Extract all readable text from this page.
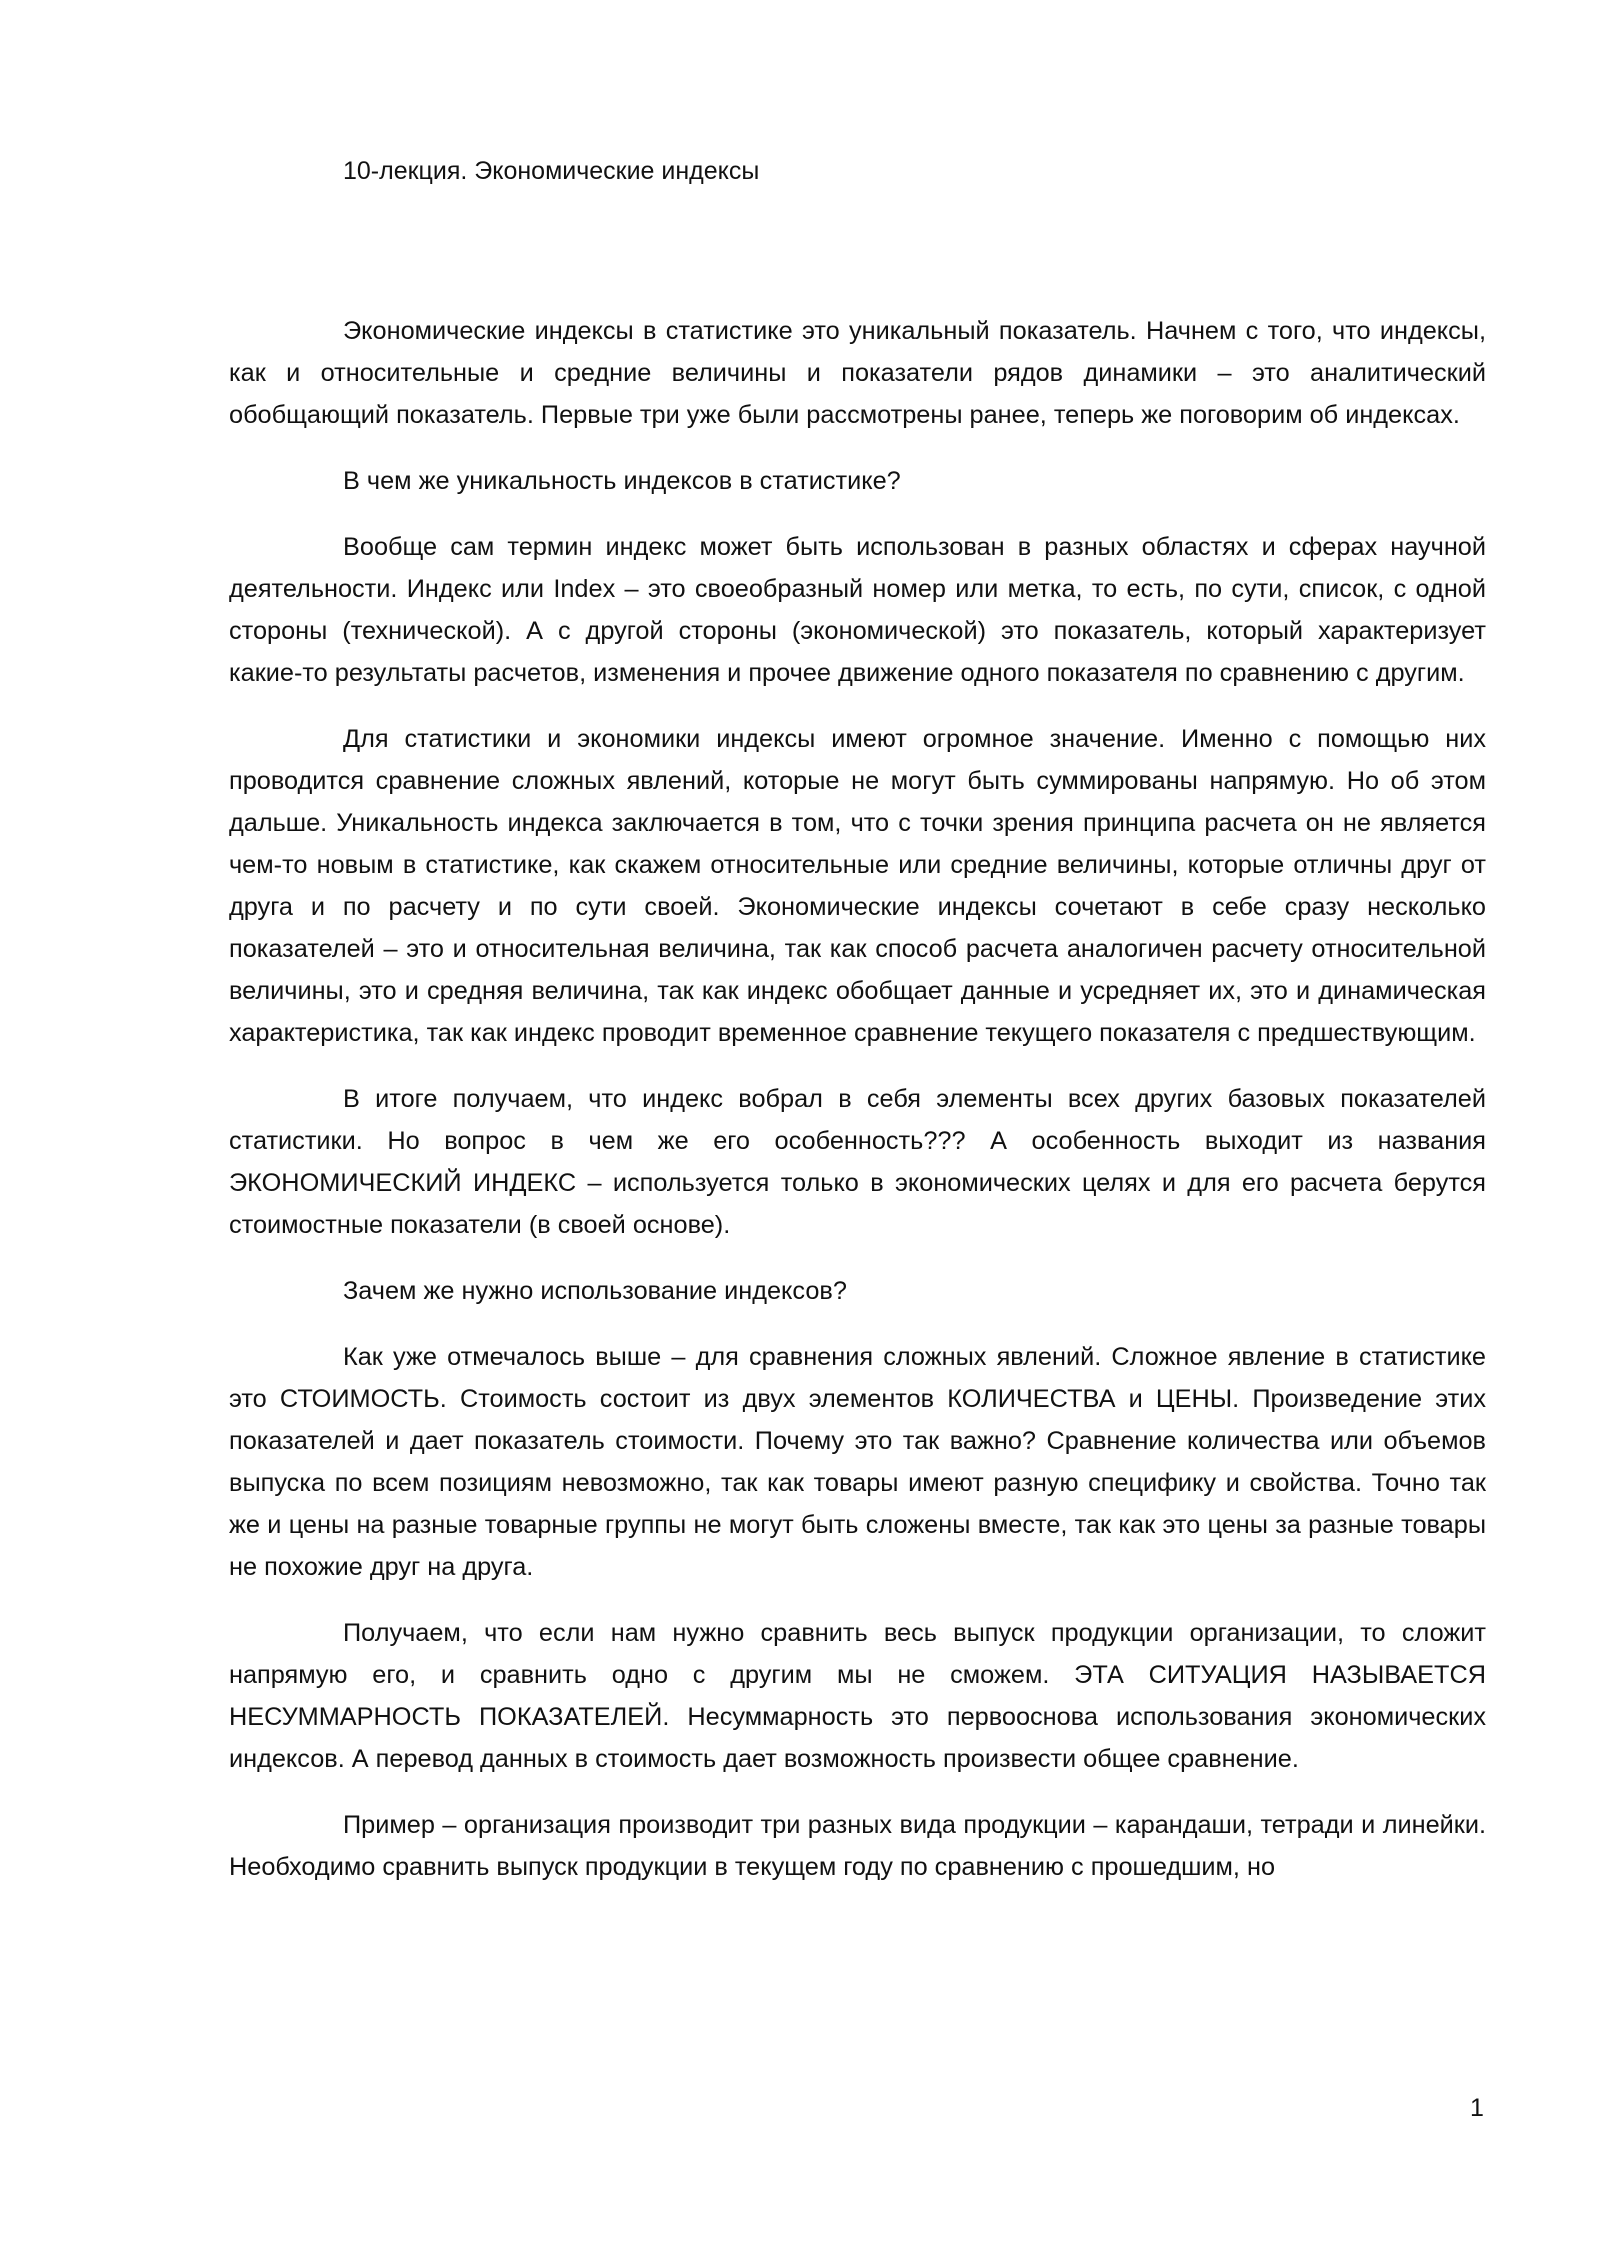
10-лекция. Экономические индексы

Экономические индексы в статистике это уникальный показатель. Начнем с того, что индексы, как и относительные и средние величины и показатели рядов динамики – это аналитический обобщающий показатель. Первые три уже были рассмотрены ранее, теперь же поговорим об индексах.

В чем же уникальность индексов в статистике?

Вообще сам термин индекс может быть использован в разных областях и сферах научной деятельности. Индекс или Index – это своеобразный номер или метка, то есть, по сути, список, с одной стороны (технической). А с другой стороны (экономической) это показатель, который характеризует какие-то результаты расчетов, изменения и прочее движение одного показателя по сравнению с другим.

Для статистики и экономики индексы имеют огромное значение. Именно с помощью них проводится сравнение сложных явлений, которые не могут быть суммированы напрямую. Но об этом дальше. Уникальность индекса заключается в том, что с точки зрения принципа расчета он не является чем-то новым в статистике, как скажем относительные или средние величины, которые отличны друг от друга и по расчету и по сути своей. Экономические индексы сочетают в себе сразу несколько показателей – это и относительная величина, так как способ расчета аналогичен расчету относительной величины, это и средняя величина, так как индекс обобщает данные и усредняет их, это и динамическая характеристика, так как индекс проводит временное сравнение текущего показателя с предшествующим.

В итоге получаем, что индекс вобрал в себя элементы всех других базовых показателей статистики. Но вопрос в чем же его особенность??? А особенность выходит из названия ЭКОНОМИЧЕСКИЙ ИНДЕКС – используется только в экономических целях и для его расчета берутся стоимостные показатели (в своей основе).

Зачем же нужно использование индексов?

Как уже отмечалось выше – для сравнения сложных явлений. Сложное явление в статистике это СТОИМОСТЬ. Стоимость состоит из двух элементов КОЛИЧЕСТВА и ЦЕНЫ. Произведение этих показателей и дает показатель стоимости. Почему это так важно? Сравнение количества или объемов выпуска по всем позициям невозможно, так как товары имеют разную специфику и свойства. Точно так же и цены на разные товарные группы не могут быть сложены вместе, так как это цены за разные товары не похожие друг на друга.

Получаем, что если нам нужно сравнить весь выпуск продукции организации, то сложит напрямую его, и сравнить одно с другим мы не сможем. ЭТА СИТУАЦИЯ НАЗЫВАЕТСЯ НЕСУММАРНОСТЬ ПОКАЗАТЕЛЕЙ. Несуммарность это первооснова использования экономических индексов. А перевод данных в стоимость дает возможность произвести общее сравнение.

Пример – организация производит три разных вида продукции – карандаши, тетради и линейки. Необходимо сравнить выпуск продукции в текущем году по сравнению с прошедшим, но

1
